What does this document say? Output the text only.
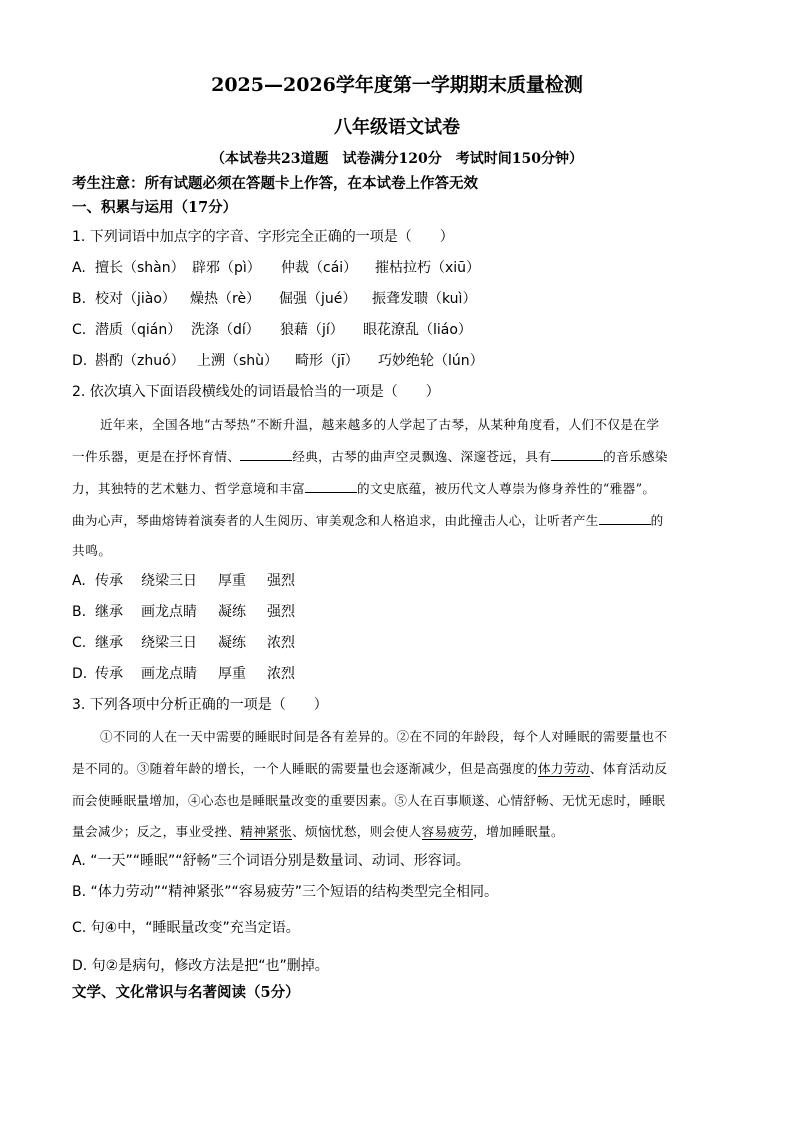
2025—2026学年度第一学期期末质量检测
八年级语文试卷
（本试卷共23道题　试卷满分120分　考试时间150分钟）
考生注意：所有试题必须在答题卡上作答，在本试卷上作答无效
一、积累与运用（17分）
1. 下列词语中加点字的字音、字形完全正确的一项是（　　）
A. 擅长（shàn） 辟邪（pì） 仲裁（cái） 摧枯拉朽（xiū）
B. 校对（jiào） 燥热（rè） 倔强（jué） 振聋发聩（kuì）
C. 潜质（qián） 洗涤（dí） 狼藉（jí） 眼花潦乱（liáo）
D. 斟酌（zhuó） 上溯（shù） 畸形（jī） 巧妙绝轮（lún）
2. 依次填入下面语段横线处的词语最恰当的一项是（　　）
近年来，全国各地“古琴热”不断升温，越来越多的人学起了古琴，从某种角度看，人们不仅是在学
一件乐器，更是在抒怀育情、	经典，古琴的曲声空灵飘逸、深邃苍远，具有	的音乐感染
力，其独特的艺术魅力、哲学意境和丰富	的文史底蕴，被历代文人尊崇为修身养性的“雅器”。
曲为心声，琴曲熔铸着演奏者的人生阅历、审美观念和人格追求，由此撞击人心，让听者产生	的
共鸣。
A. 传承 绕梁三日 厚重 强烈
B. 继承 画龙点睛 凝练 强烈
C. 继承 绕梁三日 凝练 浓烈
D. 传承 画龙点睛 厚重 浓烈
3. 下列各项中分析正确的一项是（　　）
①不同的人在一天中需要的睡眠时间是各有差异的。②在不同的年龄段，每个人对睡眠的需要量也不
是不同的。③随着年龄的增长，一个人睡眠的需要量也会逐渐减少，但是高强度的体力劳动、体育活动反
而会使睡眠量增加，④心态也是睡眠量改变的重要因素。⑤人在百事顺遂、心情舒畅、无忧无虑时，睡眠
量会减少；反之，事业受挫、精神紧张、烦恼忧愁，则会使人容易疲劳，增加睡眠量。
A. “一天”“睡眠”“舒畅”三个词语分别是数量词、动词、形容词。
B. “体力劳动”“精神紧张”“容易疲劳”三个短语的结构类型完全相同。
C. 句④中，“睡眠量改变”充当定语。
D. 句②是病句，修改方法是把“也”删掉。
文学、文化常识与名著阅读（5分）
